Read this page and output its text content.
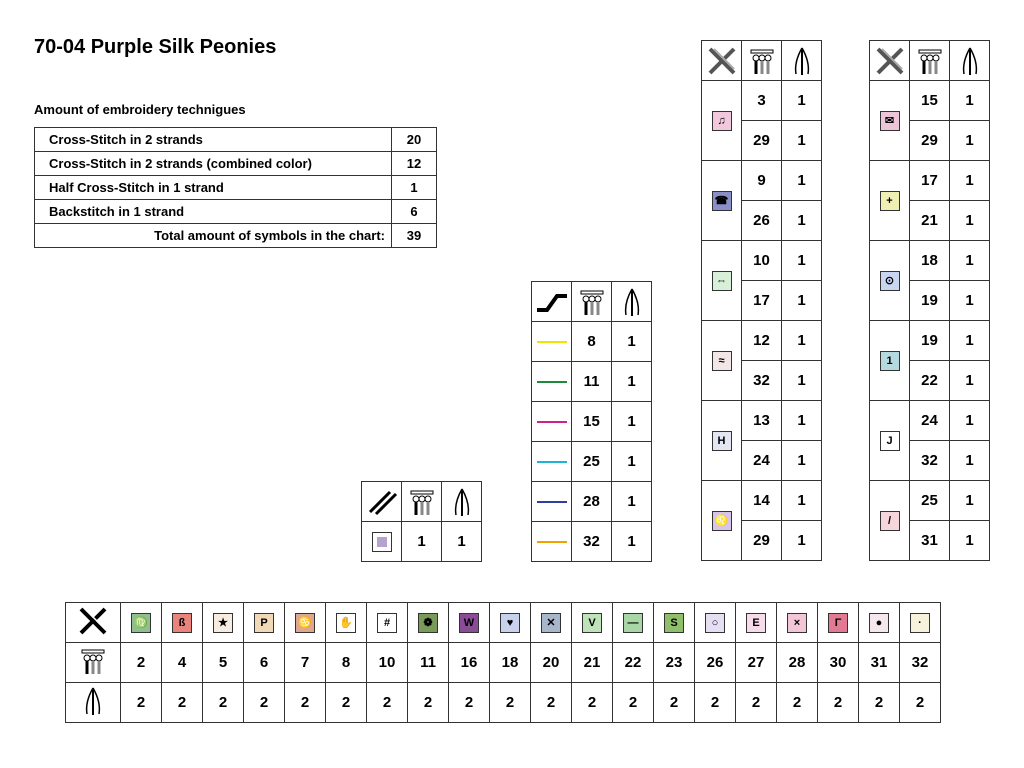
70-04 Purple Silk Peonies
Amount of embroidery technigues
Cross-Stitch in 2 strands	20
Cross-Stitch in 2 strands (combined color)	12
Half Cross-Stitch in 1 strand	1
Backstitch in 1 strand	6
Total amount of symbols in the chart:	39

	1	1

	8	1
	11	1
	15	1
	25	1
	28	1
	32	1

♫	3	1
	29	1
☎	9	1
	26	1
⇔	10	1
	17	1
≈	12	1
	32	1
H	13	1
	24	1
♌	14	1
	29	1

✉	15	1
	29	1
+	17	1
	21	1
⊙	18	1
	19	1
1	19	1
	22	1
J	24	1
	32	1
/	25	1
	31	1
	♍	ß	★	P	♋	✋	#	❁	W	♥	✕	V	—	S	○	E	×	Γ	●	·
	2	4	5	6	7	8	10	11	16	18	20	21	22	23	26	27	28	30	31	32
	2	2	2	2	2	2	2	2	2	2	2	2	2	2	2	2	2	2	2	2
